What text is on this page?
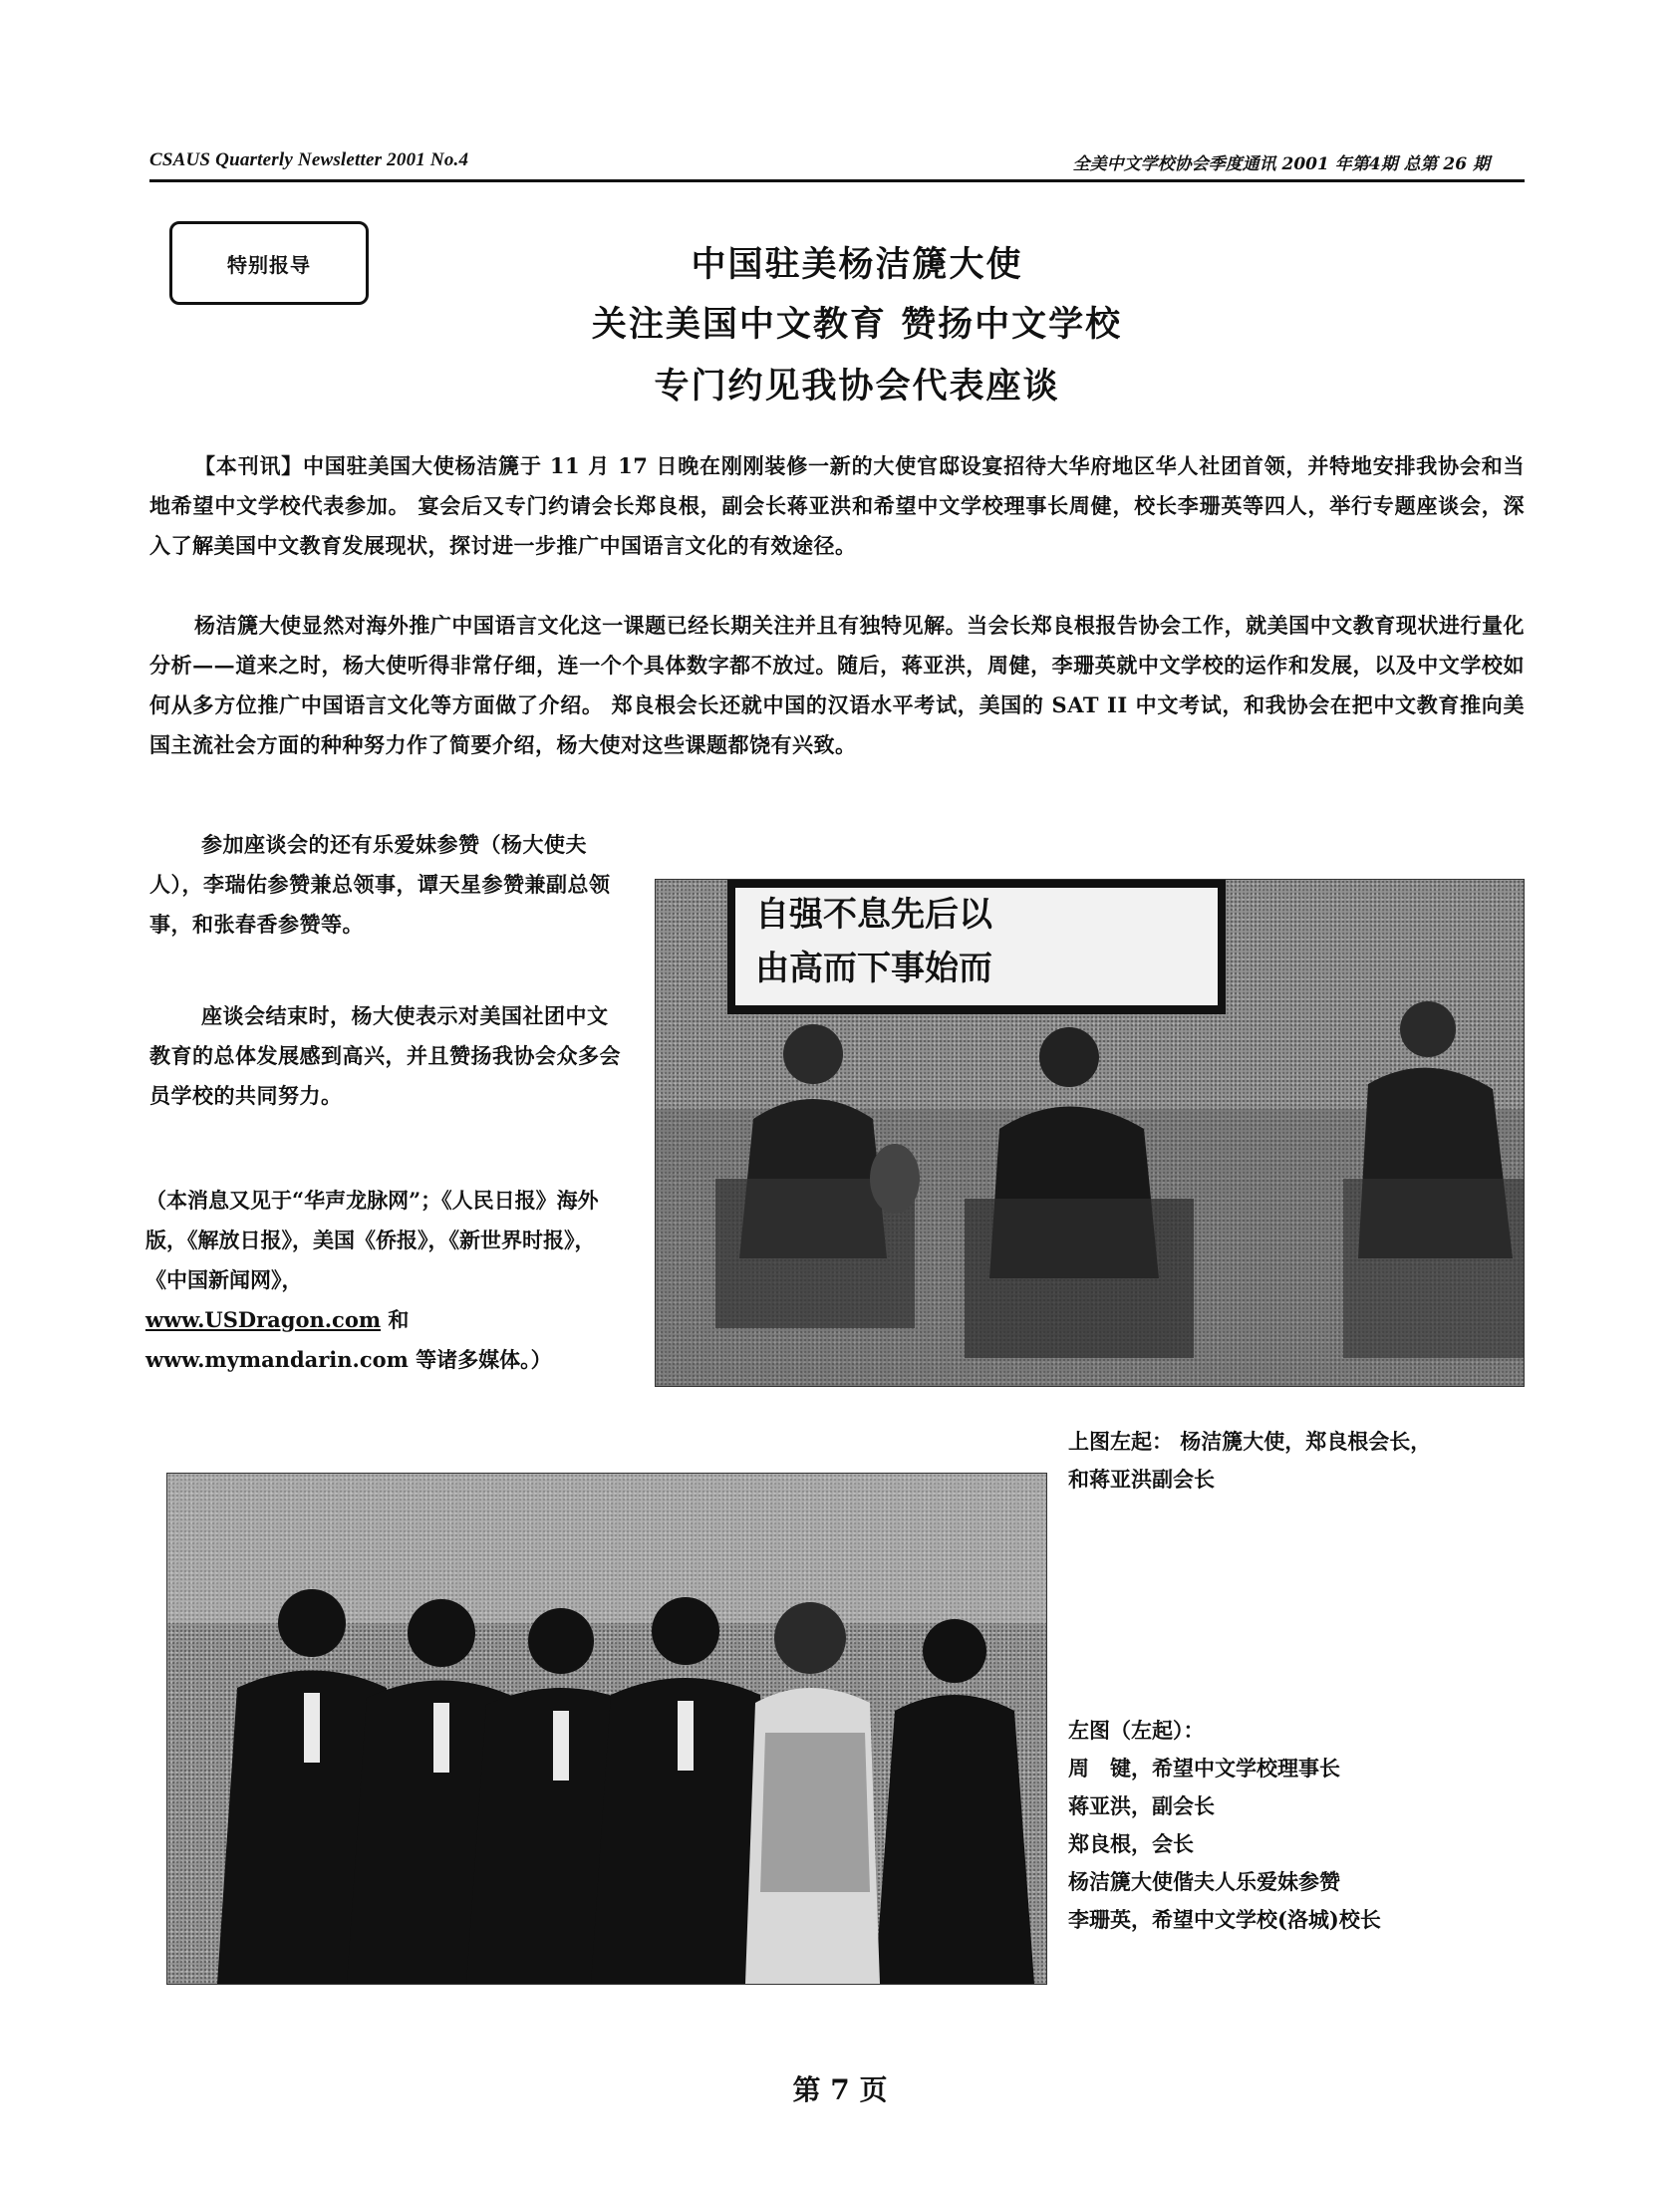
CSAUS Quarterly Newsletter 2001 No.4	全美中文学校协会季度通讯 2001 年第4期 总第 26 期
特别报导	中国驻美杨洁篪大使
关注美国中文教育 赞扬中文学校
专门约见我协会代表座谈
【本刊讯】中国驻美国大使杨洁篪于 11 月 17 日晚在刚刚装修一新的大使官邸设宴招待大华府地区华人社团首领，并特地安排我协会和当地希望中文学校代表参加。 宴会后又专门约请会长郑良根，副会长蒋亚洪和希望中文学校理事长周健，校长李珊英等四人，举行专题座谈会，深入了解美国中文教育发展现状，探讨进一步推广中国语言文化的有效途径。
杨洁篪大使显然对海外推广中国语言文化这一课题已经长期关注并且有独特见解。当会长郑良根报告协会工作，就美国中文教育现状进行量化分析——道来之时，杨大使听得非常仔细，连一个个具体数字都不放过。随后，蒋亚洪，周健，李珊英就中文学校的运作和发展，以及中文学校如何从多方位推广中国语言文化等方面做了介绍。 郑良根会长还就中国的汉语水平考试，美国的 SAT II 中文考试，和我协会在把中文教育推向美国主流社会方面的种种努力作了简要介绍，杨大使对这些课题都饶有兴致。
参加座谈会的还有乐爱妹参赞（杨大使夫人），李瑞佑参赞兼总领事，谭天星参赞兼副总领事，和张春香参赞等。
座谈会结束时，杨大使表示对美国社团中文教育的总体发展感到高兴，并且赞扬我协会众多会员学校的共同努力。
（本消息又见于“华声龙脉网”；《人民日报》海外版，《解放日报》，美国《侨报》，《新世界时报》，《中国新闻网》，
www.USDragon.com 和 www.mymandarin.com 等诸多媒体。）
自强不息先后以
由高而下事始而
上图左起： 杨洁篪大使，郑良根会长，
和蒋亚洪副会长
左图（左起）：
周　键，希望中文学校理事长
蒋亚洪，副会长
郑良根，会长
杨洁篪大使偕夫人乐爱妹参赞
李珊英，希望中文学校(洛城)校长
第 7 页
